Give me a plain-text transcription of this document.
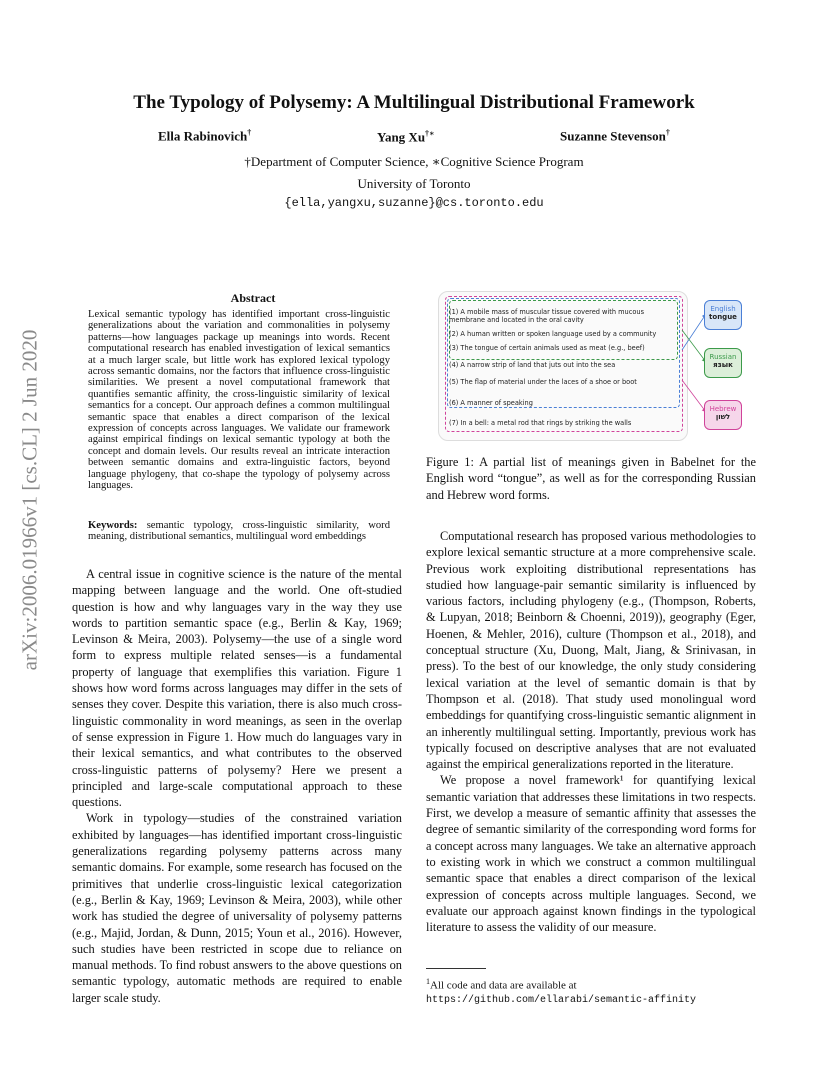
The Typology of Polysemy: A Multilingual Distributional Framework
Ella Rabinovich†	Yang Xu†∗	Suzanne Stevenson†
†Department of Computer Science, ∗Cognitive Science Program
University of Toronto
{ella,yangxu,suzanne}@cs.toronto.edu
arXiv:2006.01966v1 [cs.CL] 2 Jun 2020
Abstract
Lexical semantic typology has identified important cross-linguistic generalizations about the variation and commonalities in polysemy patterns—how languages package up meanings into words. Recent computational research has enabled investigation of lexical semantics at a much larger scale, but little work has explored lexical typology across semantic domains, nor the factors that influence cross-linguistic similarities. We present a novel computational framework that quantifies semantic affinity, the cross-linguistic similarity of lexical semantics for a concept. Our approach defines a common multilingual semantic space that enables a direct comparison of the lexical expression of concepts across languages. We validate our framework against empirical findings on lexical semantic typology at both the concept and domain levels. Our results reveal an intricate interaction between semantic domains and extra-linguistic factors, beyond language phylogeny, that co-shape the typology of polysemy across languages.
Keywords: semantic typology, cross-linguistic similarity, word meaning, distributional semantics, multilingual word embeddings

A central issue in cognitive science is the nature of the mental mapping between language and the world. One oft-studied question is how and why languages vary in the way they use words to partition semantic space (e.g., Berlin & Kay, 1969; Levinson & Meira, 2003). Polysemy—the use of a single word form to express multiple related senses—is a fundamental property of language that exemplifies this variation. Figure 1 shows how word forms across languages may differ in the sets of senses they cover. Despite this variation, there is also much cross-linguistic commonality in word meanings, as seen in the overlap of sense expression in Figure 1. How much do languages vary in their lexical semantics, and what contributes to the observed cross-linguistic patterns of polysemy? Here we present a principled and large-scale computational approach to these questions.

Work in typology—studies of the constrained variation exhibited by languages—has identified important cross-linguistic generalizations regarding polysemy patterns across many semantic domains. For example, some research has focused on the primitives that underlie cross-linguistic lexical categorization (e.g., Berlin & Kay, 1969; Levinson & Meira, 2003), while other work has studied the degree of universality of polysemy patterns (e.g., Majid, Jordan, & Dunn, 2015; Youn et al., 2016). However, such studies have been restricted in scope due to reliance on manual methods. To find robust answers to the above questions on semantic typology, automatic methods are required to enable larger scale study.

(1) A mobile mass of muscular tissue covered with mucous membrane and located in the oral cavity
(2) A human written or spoken language used by a community
(3) The tongue of certain animals used as meat (e.g., beef)
(4) A narrow strip of land that juts out into the sea
(5) The flap of material under the laces of a shoe or boot
(6) A manner of speaking
(7) In a bell: a metal rod that rings by striking the walls
English
tongue
Russian
язык
Hebrew
לשון
Figure 1: A partial list of meanings given in Babelnet for the English word “tongue”, as well as for the corresponding Russian and Hebrew word forms.

Computational research has proposed various methodologies to explore lexical semantic structure at a more comprehensive scale. Previous work exploiting distributional representations has studied how language-pair semantic similarity is influenced by various factors, including phylogeny (e.g., (Thompson, Roberts, & Lupyan, 2018; Beinborn & Choenni, 2019)), geography (Eger, Hoenen, & Mehler, 2016), culture (Thompson et al., 2018), and conceptual structure (Xu, Duong, Malt, Jiang, & Srinivasan, in press). To the best of our knowledge, the only study considering lexical variation at the level of semantic domain is that by Thompson et al. (2018). That study used monolingual word embeddings for quantifying cross-linguistic semantic alignment in an inherently multilingual setting. Importantly, previous work has typically focused on descriptive analyses that are not evaluated against the empirical generalizations reported in the literature.

We propose a novel framework¹ for quantifying lexical semantic variation that addresses these limitations in two respects. First, we develop a measure of semantic affinity that assesses the degree of semantic similarity of the corresponding word forms for a concept across many languages. We take an alternative approach to existing work in which we construct a common multilingual semantic space that enables a direct comparison of the lexical expression of concepts across multiple languages. Second, we evaluate our approach against known findings in the typological literature to assess the validity of our measure.

$^1$All code and data are available at
https://github.com/ellarabi/semantic-affinity
